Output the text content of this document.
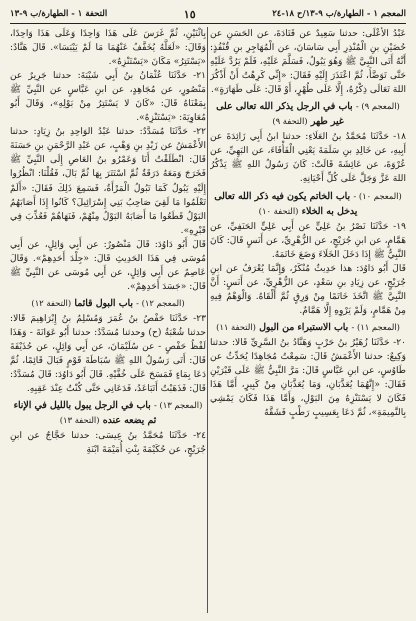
المعجم ١ - الطهارة/ب ٩-١٣/ح ١٨-٢٤
١٥
التحفة ١ - الطهارة/ب ٩-١٣

عَبْدُ الأَعْلَى: حدثنا سَعِيدٌ عن قَتَادَةَ، عن الحَسَنِ عن حُضَيْنِ بنِ الْمُنْذِرِ أَبِي سَاسَانَ، عن الْمُهَاجِرِ بنِ قُنْفُذٍ: أَنَّهُ أَتَى النَّبِيَّ ﷺ وَهُوَ يَبُولُ، فَسَلَّمَ عَلَيْهِ، فَلَمْ يَرُدَّ عَلَيْهِ حَتَّى تَوَضَّأَ، ثُمَّ اعْتَذَرَ إِلَيْهِ فَقَالَ: «إِنِّي كَرِهْتُ أَنْ أَذْكُرَ اللهَ تَعَالَى ذِكْرُهُ، إِلَّا عَلَى طُهْرٍ، أَوْ قَالَ: عَلَى طَهَارَةٍ».

(المعجم ٩) - باب في الرجل يذكر الله تعالى على غير طهر (التحفة ٩)

١٨- حَدَّثَنَا مُحَمَّدُ بنُ العَلَاءِ: حدثنا ابنُ أَبِي زَائِدَةَ عن أَبِيهِ، عن خَالِدِ بنِ سَلَمَةَ يَعْنِي الْفَأْفَاءَ، عن البَهِيِّ، عن عُرْوَةَ، عن عَائِشَةَ قَالَتْ: كَانَ رَسُولُ اللهِ ﷺ يَذْكُرُ اللهَ عَزَّ وَجَلَّ عَلَى كُلِّ أَحْيَانِهِ.

(المعجم ١٠) - باب الخاتم يكون فيه ذكر الله تعالى يدخل به الخلاء (التحفة ١٠)

١٩- حَدَّثَنَا نَصْرُ بنُ عَلِيٍّ عن أَبِي عَلِيٍّ الحَنَفِيِّ، عن هَمَّامٍ، عن ابنِ جُرَيْجٍ، عن الزُّهْرِيِّ، عن أَنَسٍ قَالَ: كَانَ النَّبِيُّ ﷺ إِذَا دَخَلَ الخَلَاءَ وَضَعَ خَاتَمَهُ.

قَالَ أَبُو دَاوُدَ: هذا حَدِيثٌ مُنْكَرٌ، وَإِنَّمَا يُعْرَفُ عن ابنِ جُرَيْجٍ، عن زِيَادِ بنِ سَعْدٍ، عن الزُّهْرِيِّ، عن أَنَسٍ: أَنَّ النَّبِيَّ ﷺ اتَّخَذَ خَاتَمًا مِنْ وَرِقٍ ثُمَّ أَلْقَاهُ. وَالْوَهْمُ فِيهِ مِنْ هَمَّامٍ، وَلَمْ يَرْوِهِ إِلَّا هَمَّامٌ.

(المعجم ١١) - باب الاستبراء من البول (التحفة ١١)

٢٠- حَدَّثَنَا زُهَيْرُ بنُ حَرْبٍ وَهَنَّادُ بنُ السَّرِيِّ قَالا: حدثنا وَكِيعٌ: حدثنا الأَعْمَشُ قَالَ: سَمِعْتُ مُجَاهِدًا يُحَدِّثُ عن طَاوُسٍ، عن ابنِ عَبَّاسٍ قَالَ: مَرَّ النَّبِيُّ ﷺ عَلَى قَبْرَيْنِ فَقَالَ: «إِنَّهُمَا يُعَذَّبَانِ، وَمَا يُعَذَّبَانِ مِنْ كَبِيرٍ، أَمَّا هَذَا فَكَانَ لا يَسْتَنْزِهُ مِنَ البَوْلِ، وَأَمَّا هَذَا فَكَانَ يَمْشِي بِالنَّمِيمَةِ»، ثُمَّ دَعَا بِعَسِيبٍ رَطْبٍ فَشَقَّهُ

بِاثْنَيْنِ، ثُمَّ غَرَسَ عَلَى هَذَا وَاحِدًا وَعَلَى هَذَا وَاحِدًا، وَقَالَ: «لَعَلَّهُ يُخَفَّفُ عَنْهُمَا مَا لَمْ يَيْبَسَا». قَالَ هَنَّادٌ: «يَسْتَتِرُ» مَكَانَ «يَسْتَنْزِهُ».

٢١- حَدَّثَنَا عُثْمَانُ بنُ أَبِي شَيْبَةَ: حدثنا جَرِيرٌ عن مَنْصُورٍ، عن مُجَاهِدٍ، عن ابنِ عَبَّاسٍ عن النَّبِيِّ ﷺ بِمَعْنَاهُ قَالَ: «كَانَ لا يَسْتَتِرُ مِنْ بَوْلِهِ»، وَقَالَ أَبُو مُعَاوِيَةَ: «يَسْتَنْزِهُ».

٢٢- حَدَّثَنَا مُسَدَّدٌ: حدثنا عَبْدُ الوَاحِدِ بنُ زِيَادٍ: حدثنا الأَعْمَشُ عن زَيْدِ بنِ وَهْبٍ، عن عَبْدِ الرَّحْمَنِ بنِ حَسَنَةَ قَالَ: انْطَلَقْتُ أَنَا وَعَمْرُو بنُ العَاصِ إِلَى النَّبِيِّ ﷺ فَخَرَجَ وَمَعَهُ دَرَقَةٌ ثُمَّ اسْتَتَرَ بِهَا ثُمَّ بَالَ، فَقُلْنَا: انْظُرُوا إِلَيْهِ يَبُولُ كَمَا تَبُولُ الْمَرْأَةُ، فَسَمِعَ ذَلِكَ فَقَالَ: «أَلَمْ تَعْلَمُوا مَا لَقِيَ صَاحِبُ بَنِي إِسْرَائِيلَ؟ كَانُوا إِذَا أَصَابَهُمُ البَوْلُ قَطَعُوا مَا أَصَابَهُ البَوْلُ مِنْهُمْ، فَنَهَاهُمْ فَعُذِّبَ فِي قَبْرِهِ».

قَالَ أَبُو دَاوُدَ: قَالَ مَنْصُورٌ: عن أَبِي وَائِلٍ، عن أَبِي مُوسَى فِي هَذَا الحَدِيثِ قَالَ: «جِلْدَ أَحَدِهِمْ». وَقَالَ عَاصِمٌ عن أَبِي وَائِلٍ، عن أَبِي مُوسَى عن النَّبِيِّ ﷺ قَالَ: «جَسَدَ أَحَدِهِمْ».

(المعجم ١٢) - باب البول قائما (التحفة ١٢)

٢٣- حَدَّثَنَا حَفْصُ بنُ عُمَرَ وَمُسْلِمُ بنُ إِبْرَاهِيمَ قَالا: حدثنا شُعْبَةُ (ح) وحدثنا مُسَدَّدٌ: حدثنا أَبُو عَوَانَةَ - وَهَذَا لَفْظُ حَفْصٍ - عن سُلَيْمَانَ، عن أَبِي وَائِلٍ، عن حُذَيْفَةَ قَالَ: أَتَى رَسُولُ اللهِ ﷺ سُبَاطَةَ قَوْمٍ فَبَالَ قَائِمًا، ثُمَّ دَعَا بِمَاءٍ فَمَسَحَ عَلَى خُفَّيْهِ. قَالَ أَبُو دَاوُدَ: قَالَ مُسَدَّدٌ: قَالَ: فَذَهَبْتُ أَتَبَاعَدُ، فَدَعَانِي حَتَّى كُنْتُ عِنْدَ عَقِبِهِ.

(المعجم ١٣) - باب في الرجل يبول بالليل في الإناء ثم يضعه عنده (التحفة ١٣)

٢٤- حَدَّثَنَا مُحَمَّدُ بنُ عِيسَى: حدثنا حَجَّاجٌ عن ابنِ جُرَيْجٍ، عن حُكَيْمَةَ بِنْتِ أُمَيْمَةَ ابْنَةِ
